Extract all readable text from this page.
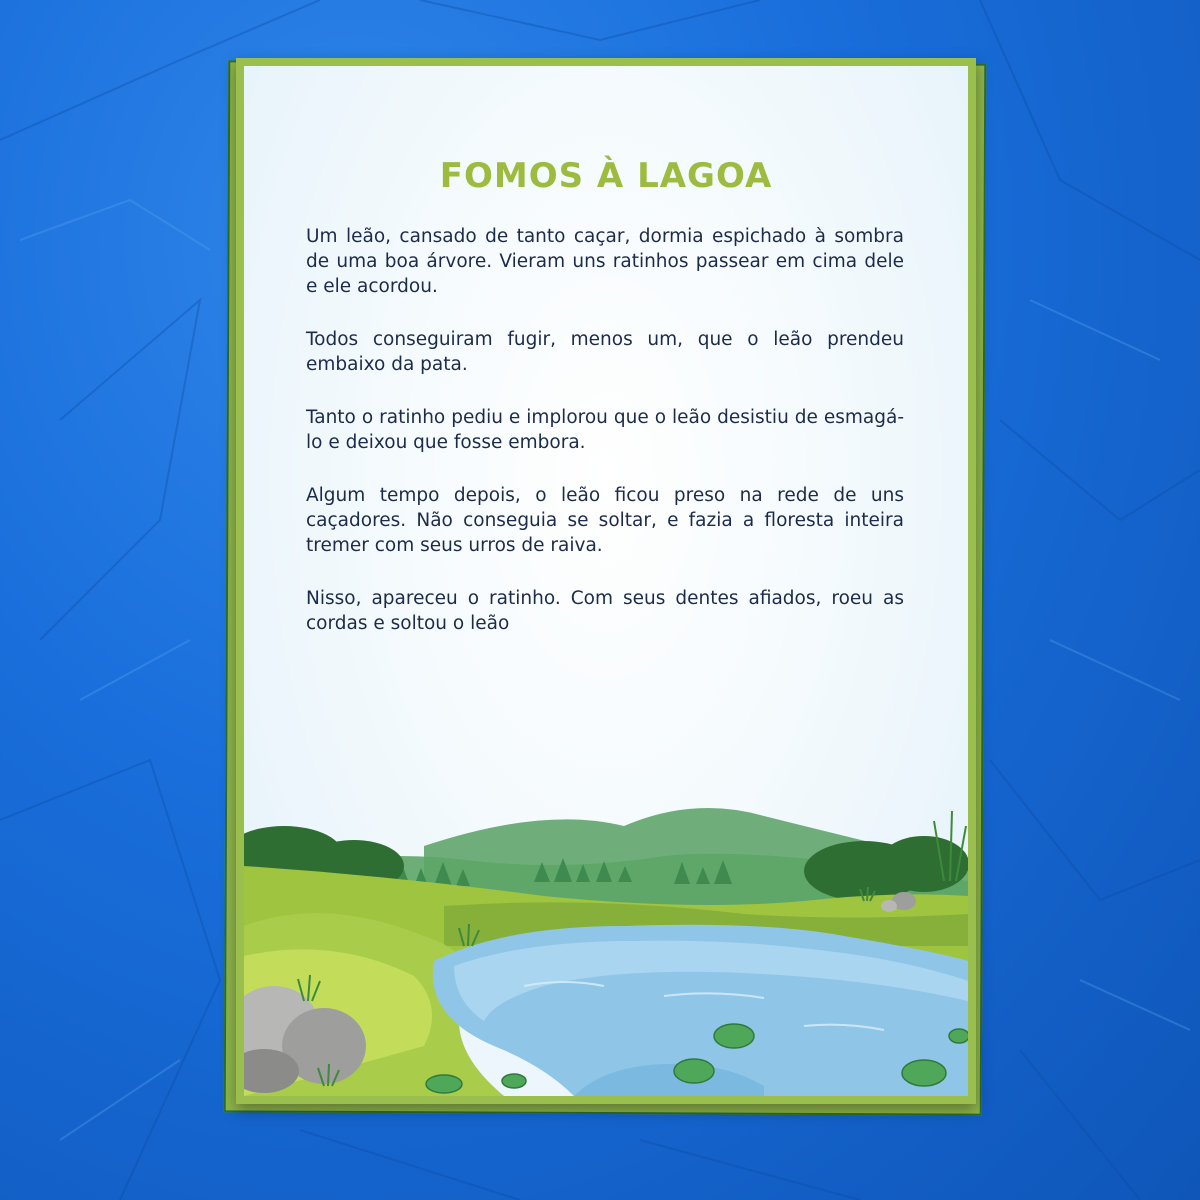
FOMOS À LAGOA

Um leão, cansado de tanto caçar, dormia espichado à sombra de uma boa árvore. Vieram uns ratinhos passear em cima dele e ele acordou.

Todos conseguiram fugir, menos um, que o leão prendeu embaixo da pata.

Tanto o ratinho pediu e implorou que o leão desistiu de esmagá-lo e deixou que fosse embora.

Algum tempo depois, o leão ficou preso na rede de uns caçadores. Não conseguia se soltar, e fazia a floresta inteira tremer com seus urros de raiva.

Nisso, apareceu o ratinho. Com seus dentes afiados, roeu as cordas e soltou o leão
